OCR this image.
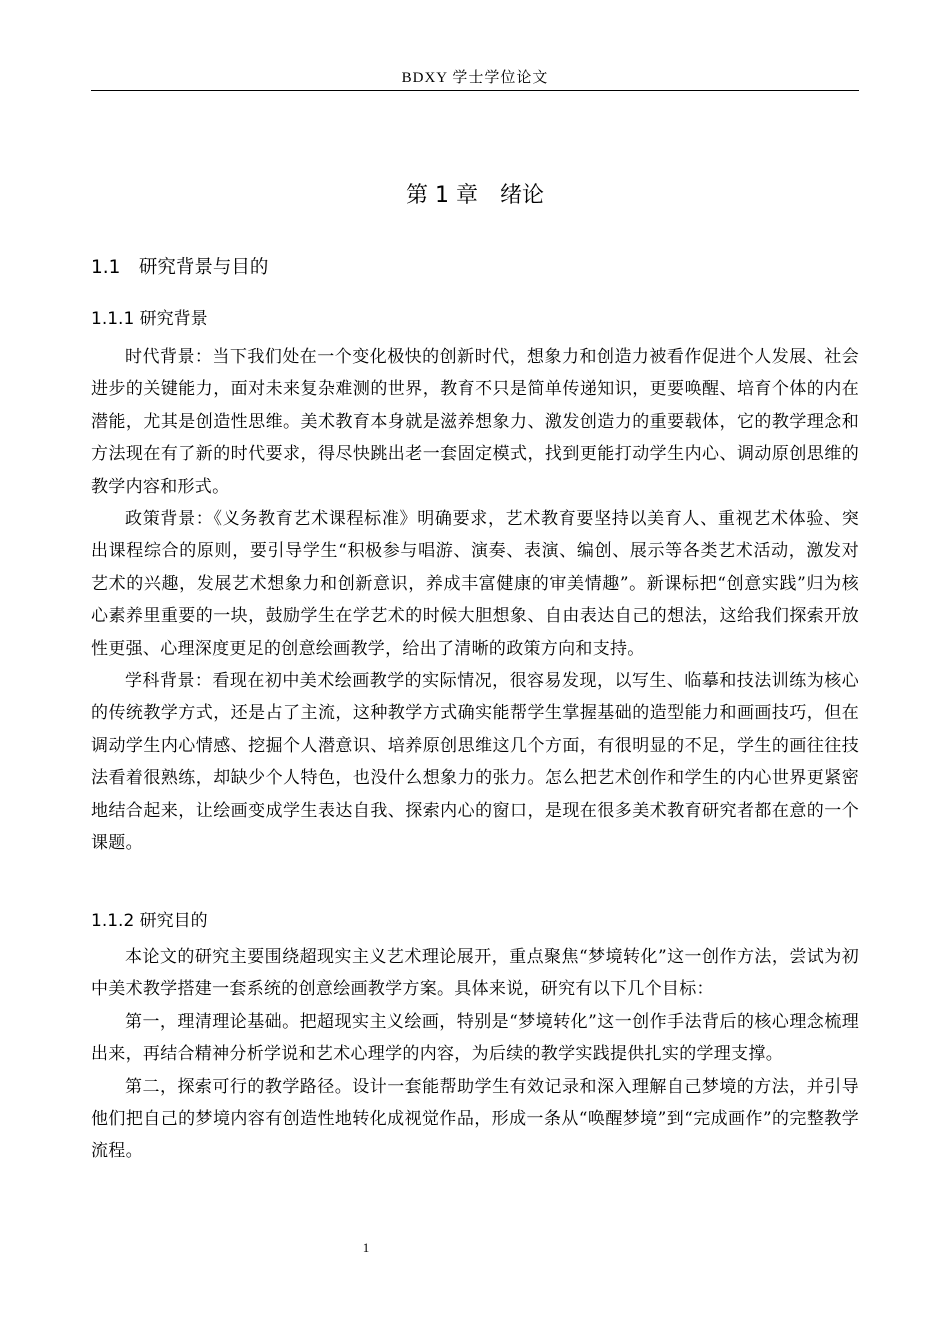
BDXY 学士学位论文
第 1 章　绪论
1.1　研究背景与目的
1.1.1 研究背景

时代背景：当下我们处在一个变化极快的创新时代，想象力和创造力被看作促进个人发展、社会进步的关键能力，面对未来复杂难测的世界，教育不只是简单传递知识，更要唤醒、培育个体的内在潜能，尤其是创造性思维。美术教育本身就是滋养想象力、激发创造力的重要载体，它的教学理念和方法现在有了新的时代要求，得尽快跳出老一套固定模式，找到更能打动学生内心、调动原创思维的教学内容和形式。

政策背景：《义务教育艺术课程标准》明确要求，艺术教育要坚持以美育人、重视艺术体验、突出课程综合的原则，要引导学生“积极参与唱游、演奏、表演、编创、展示等各类艺术活动，激发对艺术的兴趣，发展艺术想象力和创新意识，养成丰富健康的审美情趣”。新课标把“创意实践”归为核心素养里重要的一块，鼓励学生在学艺术的时候大胆想象、自由表达自己的想法，这给我们探索开放性更强、心理深度更足的创意绘画教学，给出了清晰的政策方向和支持。

学科背景：看现在初中美术绘画教学的实际情况，很容易发现，以写生、临摹和技法训练为核心的传统教学方式，还是占了主流，这种教学方式确实能帮学生掌握基础的造型能力和画画技巧，但在调动学生内心情感、挖掘个人潜意识、培养原创思维这几个方面，有很明显的不足，学生的画往往技法看着很熟练，却缺少个人特色，也没什么想象力的张力。怎么把艺术创作和学生的内心世界更紧密地结合起来，让绘画变成学生表达自我、探索内心的窗口，是现在很多美术教育研究者都在意的一个课题。

1.1.2 研究目的

本论文的研究主要围绕超现实主义艺术理论展开，重点聚焦“梦境转化”这一创作方法，尝试为初中美术教学搭建一套系统的创意绘画教学方案。具体来说，研究有以下几个目标：

第一，理清理论基础。把超现实主义绘画，特别是“梦境转化”这一创作手法背后的核心理念梳理出来，再结合精神分析学说和艺术心理学的内容，为后续的教学实践提供扎实的学理支撑。

第二，探索可行的教学路径。设计一套能帮助学生有效记录和深入理解自己梦境的方法，并引导他们把自己的梦境内容有创造性地转化成视觉作品，形成一条从“唤醒梦境”到“完成画作”的完整教学流程。

1
